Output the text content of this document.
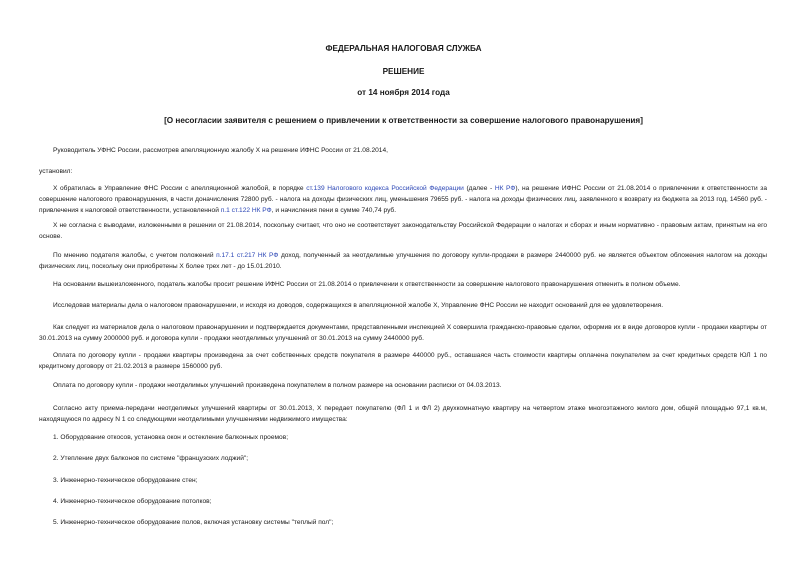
ФЕДЕРАЛЬНАЯ НАЛОГОВАЯ СЛУЖБА
РЕШЕНИЕ
от 14 ноября 2014 года
[О несогласии заявителя с решением о привлечении к ответственности за совершение налогового правонарушения]

Руководитель УФНС России, рассмотрев апелляционную жалобу Х на решение ИФНС России от 21.08.2014,

установил:

Х обратилась в Управление ФНС России с апелляционной жалобой, в порядке ст.139 Налогового кодекса Российской Федерации (далее - НК РФ), на решение ИФНС России от 21.08.2014 о привлечении к ответственности за совершение налогового правонарушения, в части доначисления 72800 руб. - налога на доходы физических лиц, уменьшения 79655 руб. - налога на доходы физических лиц, заявленного к возврату из бюджета за 2013 год, 14560 руб. - привлечения к налоговой ответственности, установленной п.1 ст.122 НК РФ, и начисления пени в сумме 740,74 руб.

Х не согласна с выводами, изложенными в решении от 21.08.2014, поскольку считает, что оно не соответствует законодательству Российской Федерации о налогах и сборах и иным нормативно - правовым актам, принятым на его основе.

По мнению подателя жалобы, с учетом положений п.17.1 ст.217 НК РФ доход, полученный за неотделимые улучшения по договору купли-продажи в размере 2440000 руб. не является объектом обложения налогом на доходы физических лиц, поскольку они приобретены Х более трех лет - до 15.01.2010.

На основании вышеизложенного, податель жалобы просит решение ИФНС России от 21.08.2014 о привлечении к ответственности за совершение налогового правонарушения отменить в полном объеме.

Исследовав материалы дела о налоговом правонарушении, и исходя из доводов, содержащихся в апелляционной жалобе Х, Управление ФНС России не находит оснований для ее удовлетворения.

Как следует из материалов дела о налоговом правонарушении и подтверждается документами, представленными инспекцией Х совершила гражданско-правовые сделки, оформив их в виде договоров купли - продажи квартиры от 30.01.2013 на сумму 2000000 руб. и договора купли - продажи неотделимых улучшений от 30.01.2013 на сумму 2440000 руб.

Оплата по договору купли - продажи квартиры произведена за счет собственных средств покупателя в размере 440000 руб., оставшаяся часть стоимости квартиры оплачена покупателем за счет кредитных средств ЮЛ 1 по кредитному договору от 21.02.2013 в размере 1560000 руб.

Оплата по договору купли - продажи неотделимых улучшений произведена покупателем в полном размере на основании расписки от 04.03.2013.

Согласно акту приема-передачи неотделимых улучшений квартиры от 30.01.2013, Х передает покупателю (ФЛ 1 и ФЛ 2) двухкомнатную квартиру на четвертом этаже многоэтажного жилого дом, общей площадью 97,1 кв.м, находящуюся по адресу N 1 со следующими неотделимыми улучшениями недвижимого имущества:

1. Оборудование откосов, установка окон и остекление балконных проемов;

2. Утепление двух балконов по системе "французских лоджий";

3. Инженерно-техническое оборудование стен;

4. Инженерно-техническое оборудование потолков;

5. Инженерно-техническое оборудование полов, включая установку системы "теплый пол";
